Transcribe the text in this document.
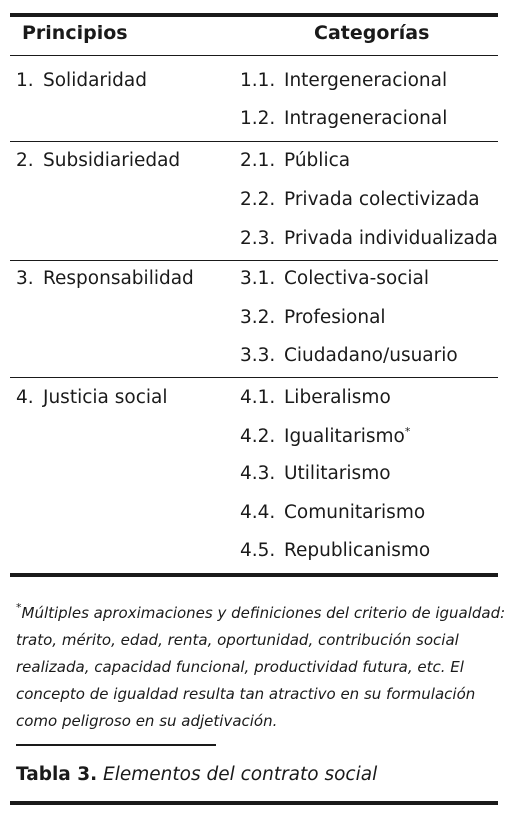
Principios	Categorías
1. Solidaridad	1.1. Intergeneracional
1.2. Intrageneracional
2. Subsidiariedad	2.1. Pública
2.2. Privada colectivizada
2.3. Privada individualizada
3. Responsabilidad 3.1. Colectiva-social
3.2. Profesional
3.3. Ciudadano/usuario
4. Justicia social	4.1. Liberalismo
4.2. Igualitarismo*
4.3. Utilitarismo
4.4. Comunitarismo
4.5. Republicanismo
*Múltiples aproximaciones y definiciones del criterio de igualdad:
trato, mérito, edad, renta, oportunidad, contribución social
realizada, capacidad funcional, productividad futura, etc. El
concepto de igualdad resulta tan atractivo en su formulación
como peligroso en su adjetivación.
Tabla 3. Elementos del contrato social
